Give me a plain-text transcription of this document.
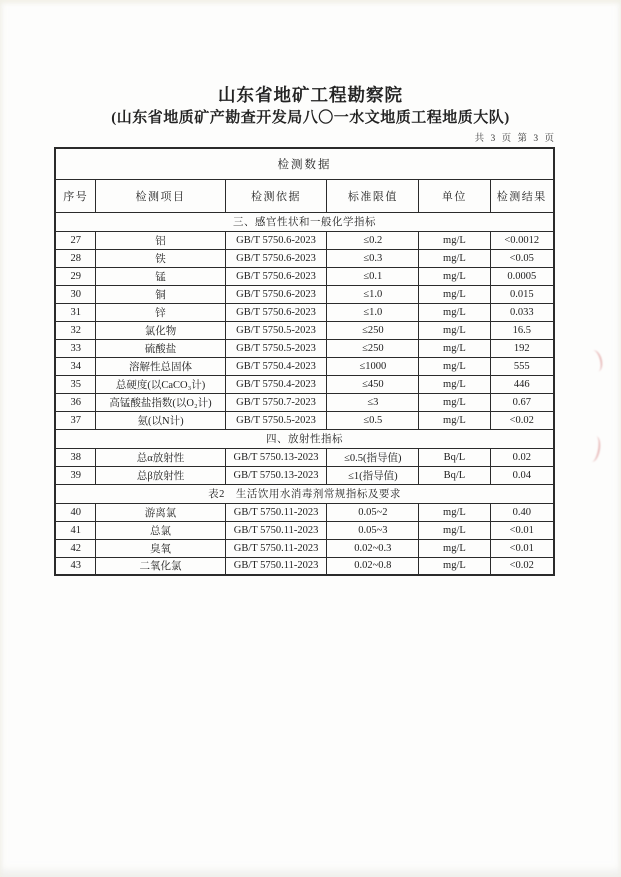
山东省地矿工程勘察院
(山东省地质矿产勘查开发局八〇一水文地质工程地质大队)
共 3 页 第 3 页
检测数据					
序号	检测项目	检测依据	标准限值	单位	检测结果
三、感官性状和一般化学指标					
27	铝	GB/T 5750.6-2023	≤0.2	mg/L	<0.0012
28	铁	GB/T 5750.6-2023	≤0.3	mg/L	<0.05
29	锰	GB/T 5750.6-2023	≤0.1	mg/L	0.0005
30	铜	GB/T 5750.6-2023	≤1.0	mg/L	0.015
31	锌	GB/T 5750.6-2023	≤1.0	mg/L	0.033
32	氯化物	GB/T 5750.5-2023	≤250	mg/L	16.5
33	硫酸盐	GB/T 5750.5-2023	≤250	mg/L	192
34	溶解性总固体	GB/T 5750.4-2023	≤1000	mg/L	555
35	总硬度(以CaCO₃计)	GB/T 5750.4-2023	≤450	mg/L	446
36	高锰酸盐指数(以O₂计)	GB/T 5750.7-2023	≤3	mg/L	0.67
37	氨(以N计)	GB/T 5750.5-2023	≤0.5	mg/L	<0.02
四、放射性指标					
38	总α放射性	GB/T 5750.13-2023	≤0.5(指导值)	Bq/L	0.02
39	总β放射性	GB/T 5750.13-2023	≤1(指导值)	Bq/L	0.04
表2　生活饮用水消毒剂常规指标及要求					
40	游离氯	GB/T 5750.11-2023	0.05~2	mg/L	0.40
41	总氯	GB/T 5750.11-2023	0.05~3	mg/L	<0.01
42	臭氧	GB/T 5750.11-2023	0.02~0.3	mg/L	<0.01
43	二氧化氯	GB/T 5750.11-2023	0.02~0.8	mg/L	<0.02
